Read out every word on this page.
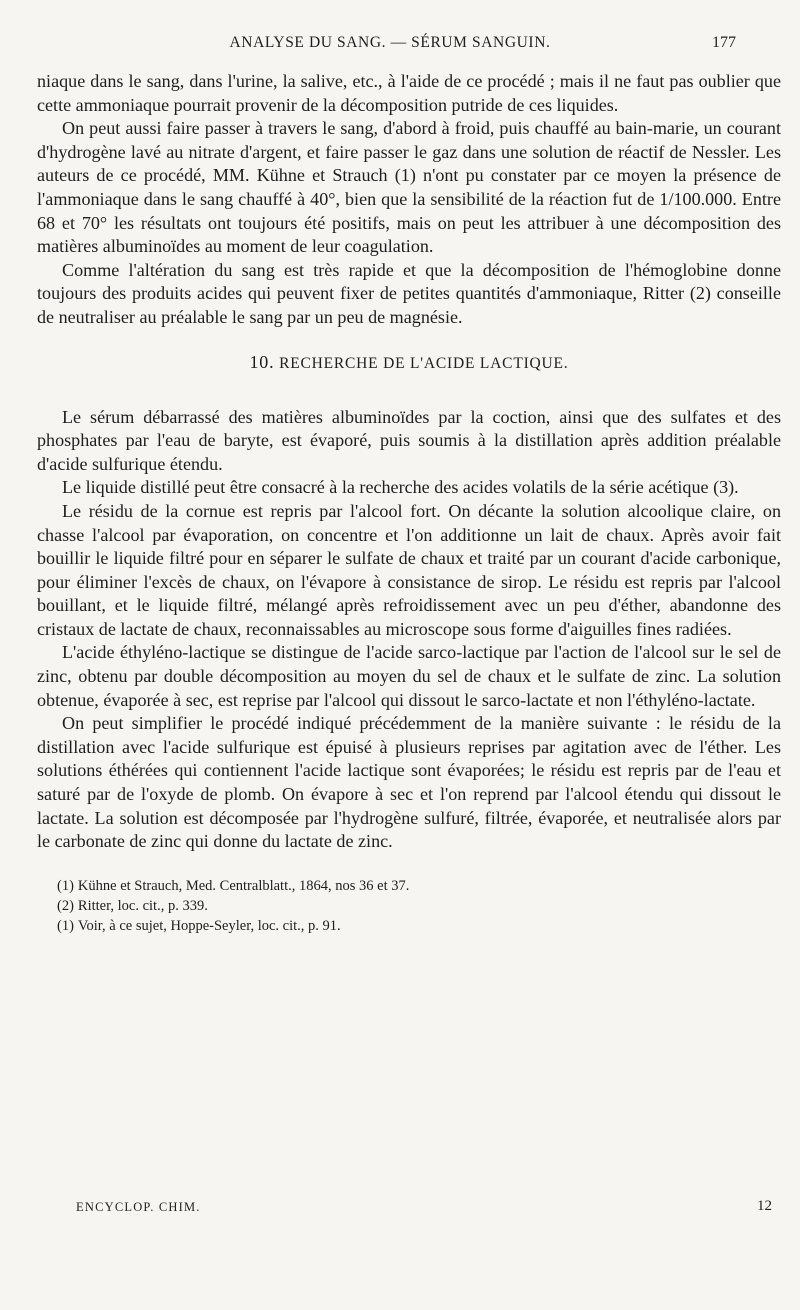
ANALYSE DU SANG. — SÉRUM SANGUIN.	177

niaque dans le sang, dans l'urine, la salive, etc., à l'aide de ce procédé ; mais il ne faut pas oublier que cette ammoniaque pourrait provenir de la décomposition putride de ces liquides.

On peut aussi faire passer à travers le sang, d'abord à froid, puis chauffé au bain-marie, un courant d'hydrogène lavé au nitrate d'argent, et faire passer le gaz dans une solution de réactif de Nessler. Les auteurs de ce procédé, MM. Kühne et Strauch (1) n'ont pu constater par ce moyen la présence de l'ammoniaque dans le sang chauffé à 40°, bien que la sensibilité de la réaction fut de 1/100.000. Entre 68 et 70° les résultats ont toujours été positifs, mais on peut les attribuer à une décomposition des matières albuminoïdes au moment de leur coagulation.

Comme l'altération du sang est très rapide et que la décomposition de l'hémoglobine donne toujours des produits acides qui peuvent fixer de petites quantités d'ammoniaque, Ritter (2) conseille de neutraliser au préalable le sang par un peu de magnésie.

10. RECHERCHE DE L'ACIDE LACTIQUE.

Le sérum débarrassé des matières albuminoïdes par la coction, ainsi que des sulfates et des phosphates par l'eau de baryte, est évaporé, puis soumis à la distillation après addition préalable d'acide sulfurique étendu.

Le liquide distillé peut être consacré à la recherche des acides volatils de la série acétique (3).

Le résidu de la cornue est repris par l'alcool fort. On décante la solution alcoolique claire, on chasse l'alcool par évaporation, on concentre et l'on additionne un lait de chaux. Après avoir fait bouillir le liquide filtré pour en séparer le sulfate de chaux et traité par un courant d'acide carbonique, pour éliminer l'excès de chaux, on l'évapore à consistance de sirop. Le résidu est repris par l'alcool bouillant, et le liquide filtré, mélangé après refroidissement avec un peu d'éther, abandonne des cristaux de lactate de chaux, reconnaissables au microscope sous forme d'aiguilles fines radiées.

L'acide éthyléno-lactique se distingue de l'acide sarco-lactique par l'action de l'alcool sur le sel de zinc, obtenu par double décomposition au moyen du sel de chaux et le sulfate de zinc. La solution obtenue, évaporée à sec, est reprise par l'alcool qui dissout le sarco-lactate et non l'éthyléno-lactate.

On peut simplifier le procédé indiqué précédemment de la manière suivante : le résidu de la distillation avec l'acide sulfurique est épuisé à plusieurs reprises par agitation avec de l'éther. Les solutions éthérées qui contiennent l'acide lactique sont évaporées; le résidu est repris par de l'eau et saturé par de l'oxyde de plomb. On évapore à sec et l'on reprend par l'alcool étendu qui dissout le lactate. La solution est décomposée par l'hydrogène sulfuré, filtrée, évaporée, et neutralisée alors par le carbonate de zinc qui donne du lactate de zinc.

(1) Kühne et Strauch, Med. Centralblatt., 1864, nos 36 et 37.
(2) Ritter, loc. cit., p. 339.
(1) Voir, à ce sujet, Hoppe-Seyler, loc. cit., p. 91.
ENCYCLOP. CHIM.	12
